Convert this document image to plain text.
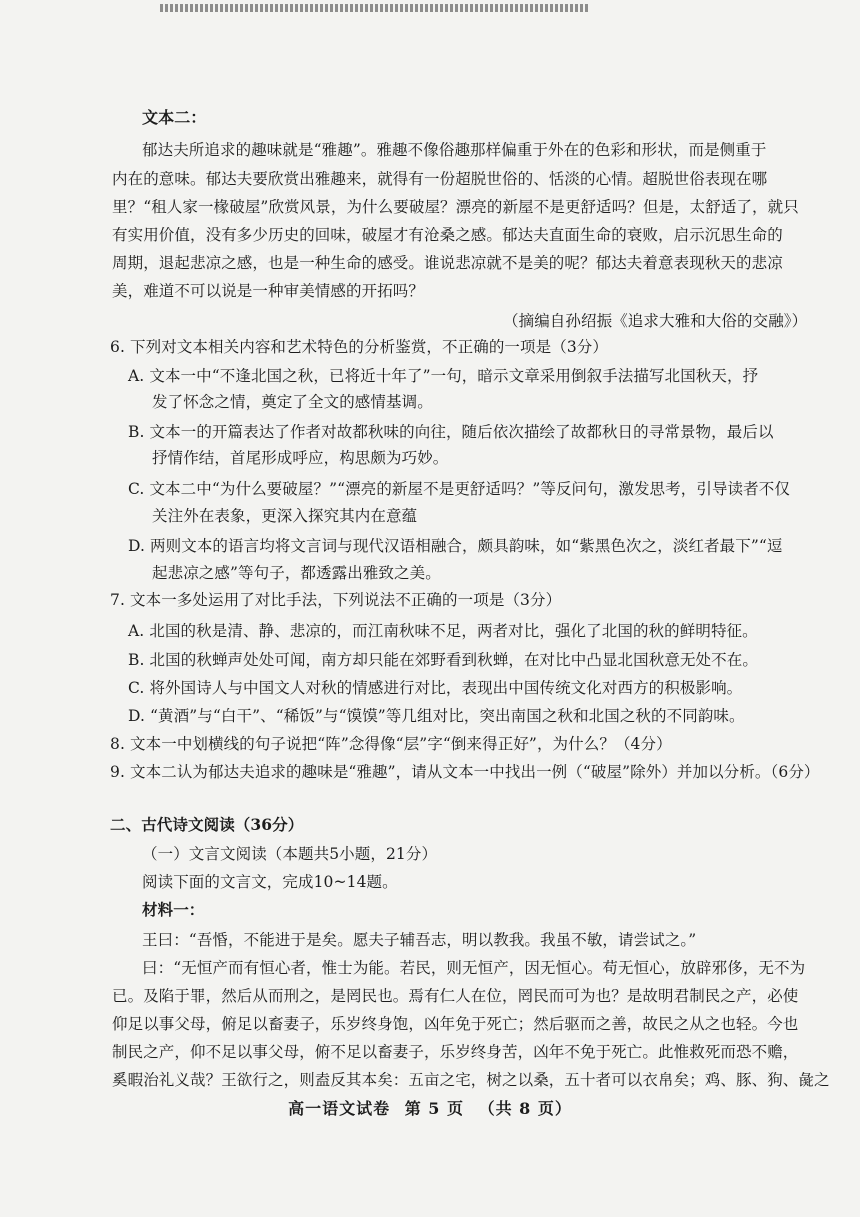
文本二：
郁达夫所追求的趣味就是“雅趣”。雅趣不像俗趣那样偏重于外在的色彩和形状，而是侧重于
内在的意味。郁达夫要欣赏出雅趣来，就得有一份超脱世俗的、恬淡的心情。超脱世俗表现在哪
里？“租人家一椽破屋”欣赏风景，为什么要破屋？漂亮的新屋不是更舒适吗？但是，太舒适了，就只
有实用价值，没有多少历史的回味，破屋才有沧桑之感。郁达夫直面生命的衰败，启示沉思生命的
周期，退起悲凉之感，也是一种生命的感受。谁说悲凉就不是美的呢？郁达夫着意表现秋天的悲凉
美，难道不可以说是一种审美情感的开拓吗？
（摘编自孙绍振《追求大雅和大俗的交融》）
6. 下列对文本相关内容和艺术特色的分析鉴赏，不正确的一项是（3分）
A. 文本一中“不逢北国之秋，已将近十年了”一句，暗示文章采用倒叙手法描写北国秋天，抒
发了怀念之情，奠定了全文的感情基调。
B. 文本一的开篇表达了作者对故都秋味的向往，随后依次描绘了故都秋日的寻常景物，最后以
抒情作结，首尾形成呼应，构思颇为巧妙。
C. 文本二中“为什么要破屋？”“漂亮的新屋不是更舒适吗？”等反问句，激发思考，引导读者不仅
关注外在表象，更深入探究其内在意蕴
D. 两则文本的语言均将文言词与现代汉语相融合，颇具韵味，如“紫黑色次之，淡红者最下”“逗
起悲凉之感”等句子，都透露出雅致之美。
7. 文本一多处运用了对比手法，下列说法不正确的一项是（3分）
A. 北国的秋是清、静、悲凉的，而江南秋味不足，两者对比，强化了北国的秋的鲜明特征。
B. 北国的秋蝉声处处可闻，南方却只能在郊野看到秋蝉，在对比中凸显北国秋意无处不在。
C. 将外国诗人与中国文人对秋的情感进行对比，表现出中国传统文化对西方的积极影响。
D. “黄酒”与“白干”、“稀饭”与“馍馍”等几组对比，突出南国之秋和北国之秋的不同韵味。
8. 文本一中划横线的句子说把“阵”念得像“层”字“倒来得正好”，为什么？（4分）
9. 文本二认为郁达夫追求的趣味是“雅趣”，请从文本一中找出一例（“破屋”除外）并加以分析。（6分）
二、古代诗文阅读（36分）
（一）文言文阅读（本题共5小题，21分）
阅读下面的文言文，完成10~14题。
材料一：
王曰：“吾惛，不能进于是矣。愿夫子辅吾志，明以教我。我虽不敏，请尝试之。”
曰：“无恒产而有恒心者，惟士为能。若民，则无恒产，因无恒心。苟无恒心，放辟邪侈，无不为
已。及陷于罪，然后从而刑之，是罔民也。焉有仁人在位，罔民而可为也？是故明君制民之产，必使
仰足以事父母，俯足以畜妻子，乐岁终身饱，凶年免于死亡；然后驱而之善，故民之从之也轻。今也
制民之产，仰不足以事父母，俯不足以畜妻子，乐岁终身苦，凶年不免于死亡。此惟救死而恐不赡，
奚暇治礼义哉？王欲行之，则盍反其本矣：五亩之宅，树之以桑，五十者可以衣帛矣；鸡、豚、狗、彘之
高一语文试卷 第 5 页 （共 8 页）
